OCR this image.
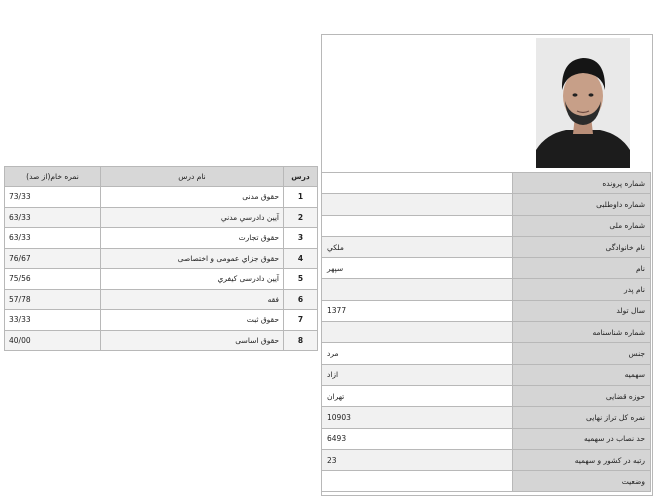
درس	نام درس	نمره خام(از صد)
1	حقوق مدنی	73/33
2	آیین دادرسي مدني	63/33
3	حقوق تجارت	63/33
4	حقوق جزاي عمومی و اختصاصی	76/67
5	آیین دادرسی کیفري	75/56
6	فقه	57/78
7	حقوق ثبت	33/33
8	حقوق اساسی	40/00
شماره پرونده	
شماره داوطلبی	
شماره ملی	
نام خانوادگی	ملكي
نام	سپهر
نام پدر	
سال تولد	1377
شماره شناسنامه	
جنس	مرد
سهمیه	ازاد
حوزه قضایی	تهران
نمره کل تراز نهایی	10903
حد نصاب در سهمیه	6493
رتبه در کشور و سهمیه	23
وضعیت	
